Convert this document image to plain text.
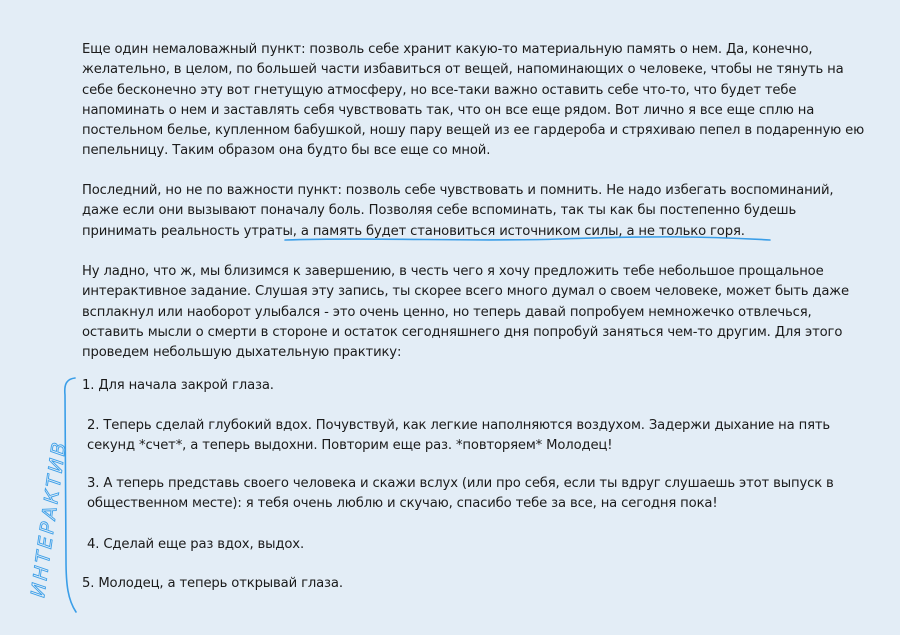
Еще один немаловажный пункт: позволь себе хранит какую-то материальную память о нем. Да, конечно, желательно, в целом, по большей части избавиться от вещей, напоминающих о человеке, чтобы не тянуть на себе бесконечно эту вот гнетущую атмосферу, но все-таки важно оставить себе что-то, что будет тебе напоминать о нем и заставлять себя чувствовать так, что он все еще рядом. Вот лично я все еще сплю на постельном белье, купленном бабушкой, ношу пару вещей из ее гардероба и стряхиваю пепел в подаренную ею пепельницу. Таким образом она будто бы все еще со мной.

Последний, но не по важности пункт: позволь себе чувствовать и помнить. Не надо избегать воспоминаний, даже если они вызывают поначалу боль. Позволяя себе вспоминать, так ты как бы постепенно будешь принимать реальность утраты, а память будет становиться источником силы, а не только горя.

Ну ладно, что ж, мы близимся к завершению, в честь чего я хочу предложить тебе небольшое прощальное интерактивное задание. Слушая эту запись, ты скорее всего много думал о своем человеке, может быть даже всплакнул или наоборот улыбался - это очень ценно, но теперь давай попробуем немножечко отвлечься, оставить мысли о смерти в стороне и остаток сегодняшнего дня попробуй заняться чем-то другим. Для этого проведем небольшую дыхательную практику:

1. Для начала закрой глаза.

2. Теперь сделай глубокий вдох. Почувствуй, как легкие наполняются воздухом. Задержи дыхание на пять секунд *счет*, а теперь выдохни. Повторим еще раз. *повторяем* Молодец!

3. А теперь представь своего человека и скажи вслух (или про себя, если ты вдруг слушаешь этот выпуск в общественном месте): я тебя очень люблю и скучаю, спасибо тебе за все, на сегодня пока!

4. Сделай еще раз вдох, выдох.

5. Молодец, а теперь открывай глаза.

ИНТЕРАКТИВ
